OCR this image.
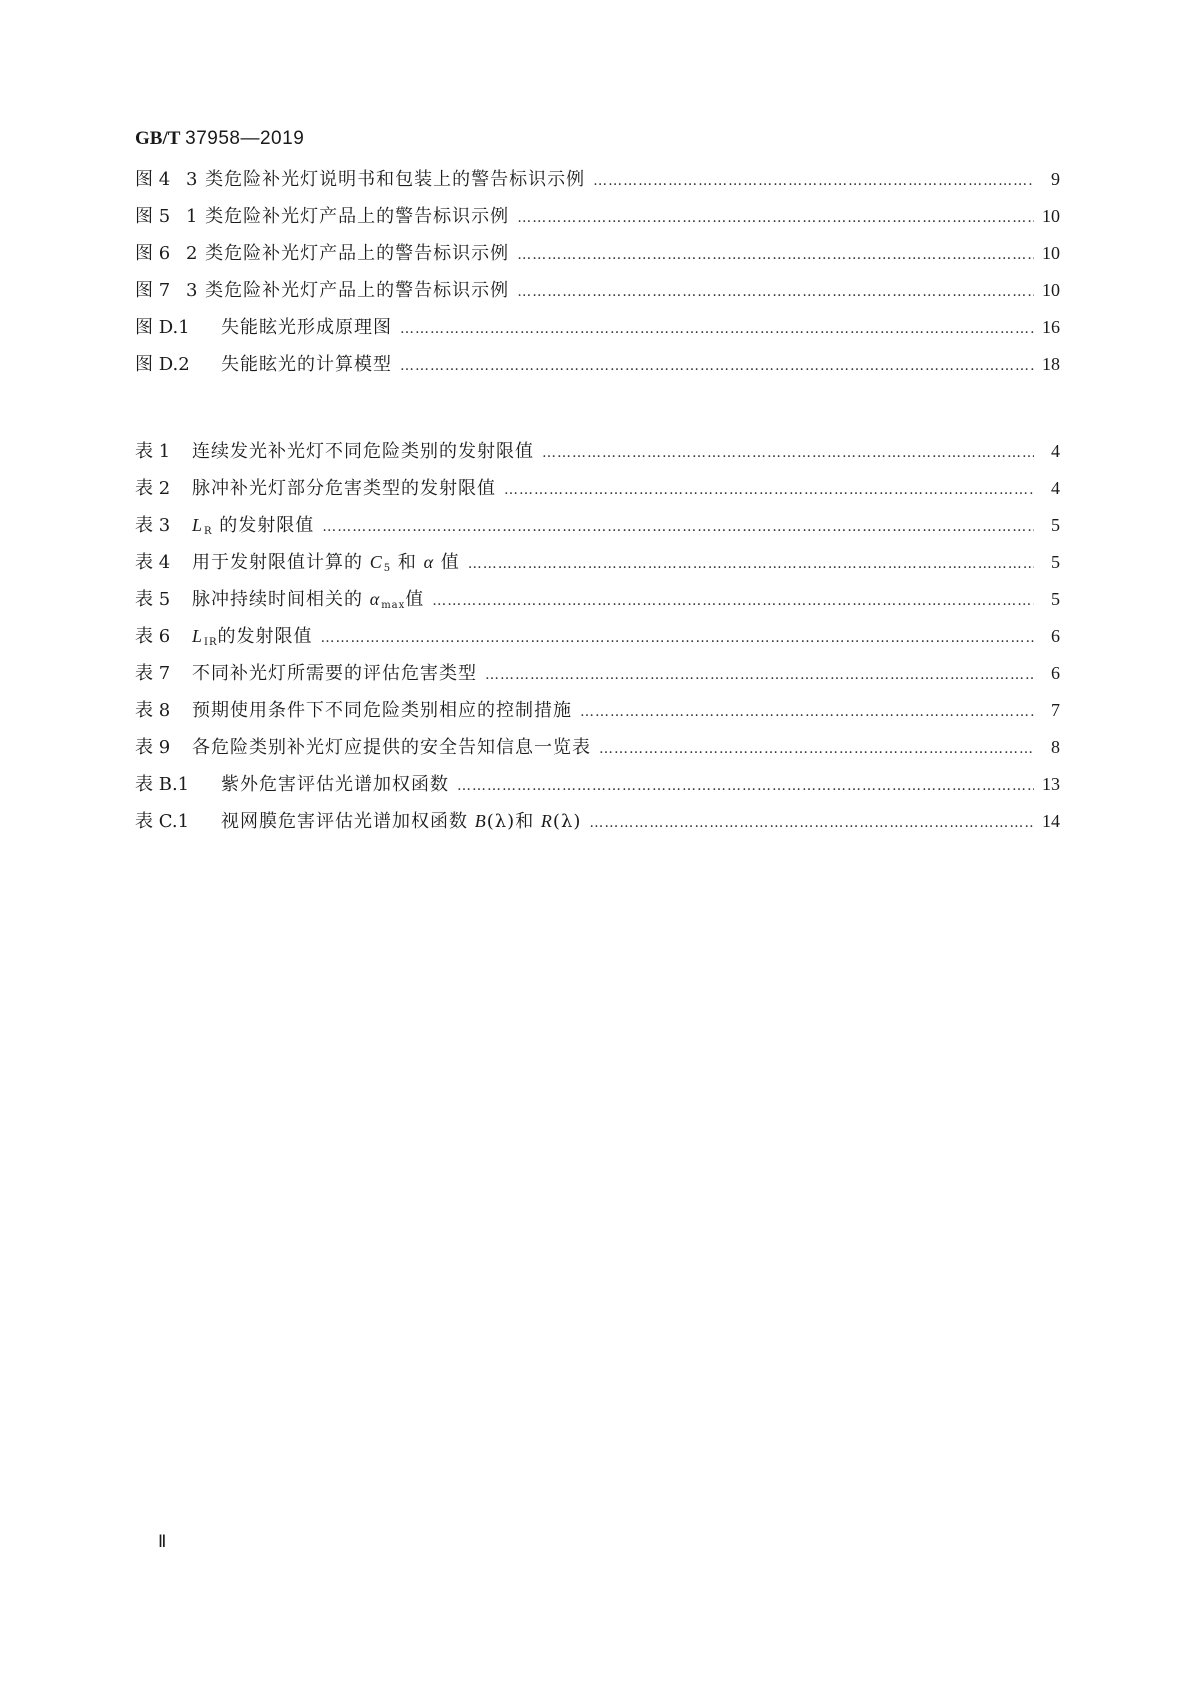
GB/T 37958—2019
图 4 3 类危险补光灯说明书和包装上的警告标识示例 ………………………………………………………………………………………………………………………………………………………………………………………………	9
图 5 1 类危险补光灯产品上的警告标识示例 ………………………………………………………………………………………………………………………………………………………………………………………………	10
图 6 2 类危险补光灯产品上的警告标识示例 ………………………………………………………………………………………………………………………………………………………………………………………………	10
图 7 3 类危险补光灯产品上的警告标识示例 ………………………………………………………………………………………………………………………………………………………………………………………………	10
图 D.1	失能眩光形成原理图 ………………………………………………………………………………………………………………………………………………………………………………………………	16
图 D.2	失能眩光的计算模型 ………………………………………………………………………………………………………………………………………………………………………………………………	18
表 1	连续发光补光灯不同危险类别的发射限值 ………………………………………………………………………………………………………………………………………………………………………………………………	4
表 2	脉冲补光灯部分危害类型的发射限值 ………………………………………………………………………………………………………………………………………………………………………………………………	4
表 3	$L_R$ 的发射限值 ………………………………………………………………………………………………………………………………………………………………………………………………	5
表 4	用于发射限值计算的 $C_5$ 和 α 值 ………………………………………………………………………………………………………………………………………………………………………………………………	5
表 5	脉冲持续时间相关的 $\alpha_{max}$值 ………………………………………………………………………………………………………………………………………………………………………………………………	5
表 6	$L_{IR}$的发射限值 ………………………………………………………………………………………………………………………………………………………………………………………………	6
表 7	不同补光灯所需要的评估危害类型 ………………………………………………………………………………………………………………………………………………………………………………………………	6
表 8	预期使用条件下不同危险类别相应的控制措施 ………………………………………………………………………………………………………………………………………………………………………………………………	7
表 9	各危险类别补光灯应提供的安全告知信息一览表 ………………………………………………………………………………………………………………………………………………………………………………………………	8
表 B.1	紫外危害评估光谱加权函数 ………………………………………………………………………………………………………………………………………………………………………………………………	13
表 C.1	视网膜危害评估光谱加权函数 B(λ)和 R(λ) ………………………………………………………………………………………………………………………………………………………………………………………………	14
Ⅱ
